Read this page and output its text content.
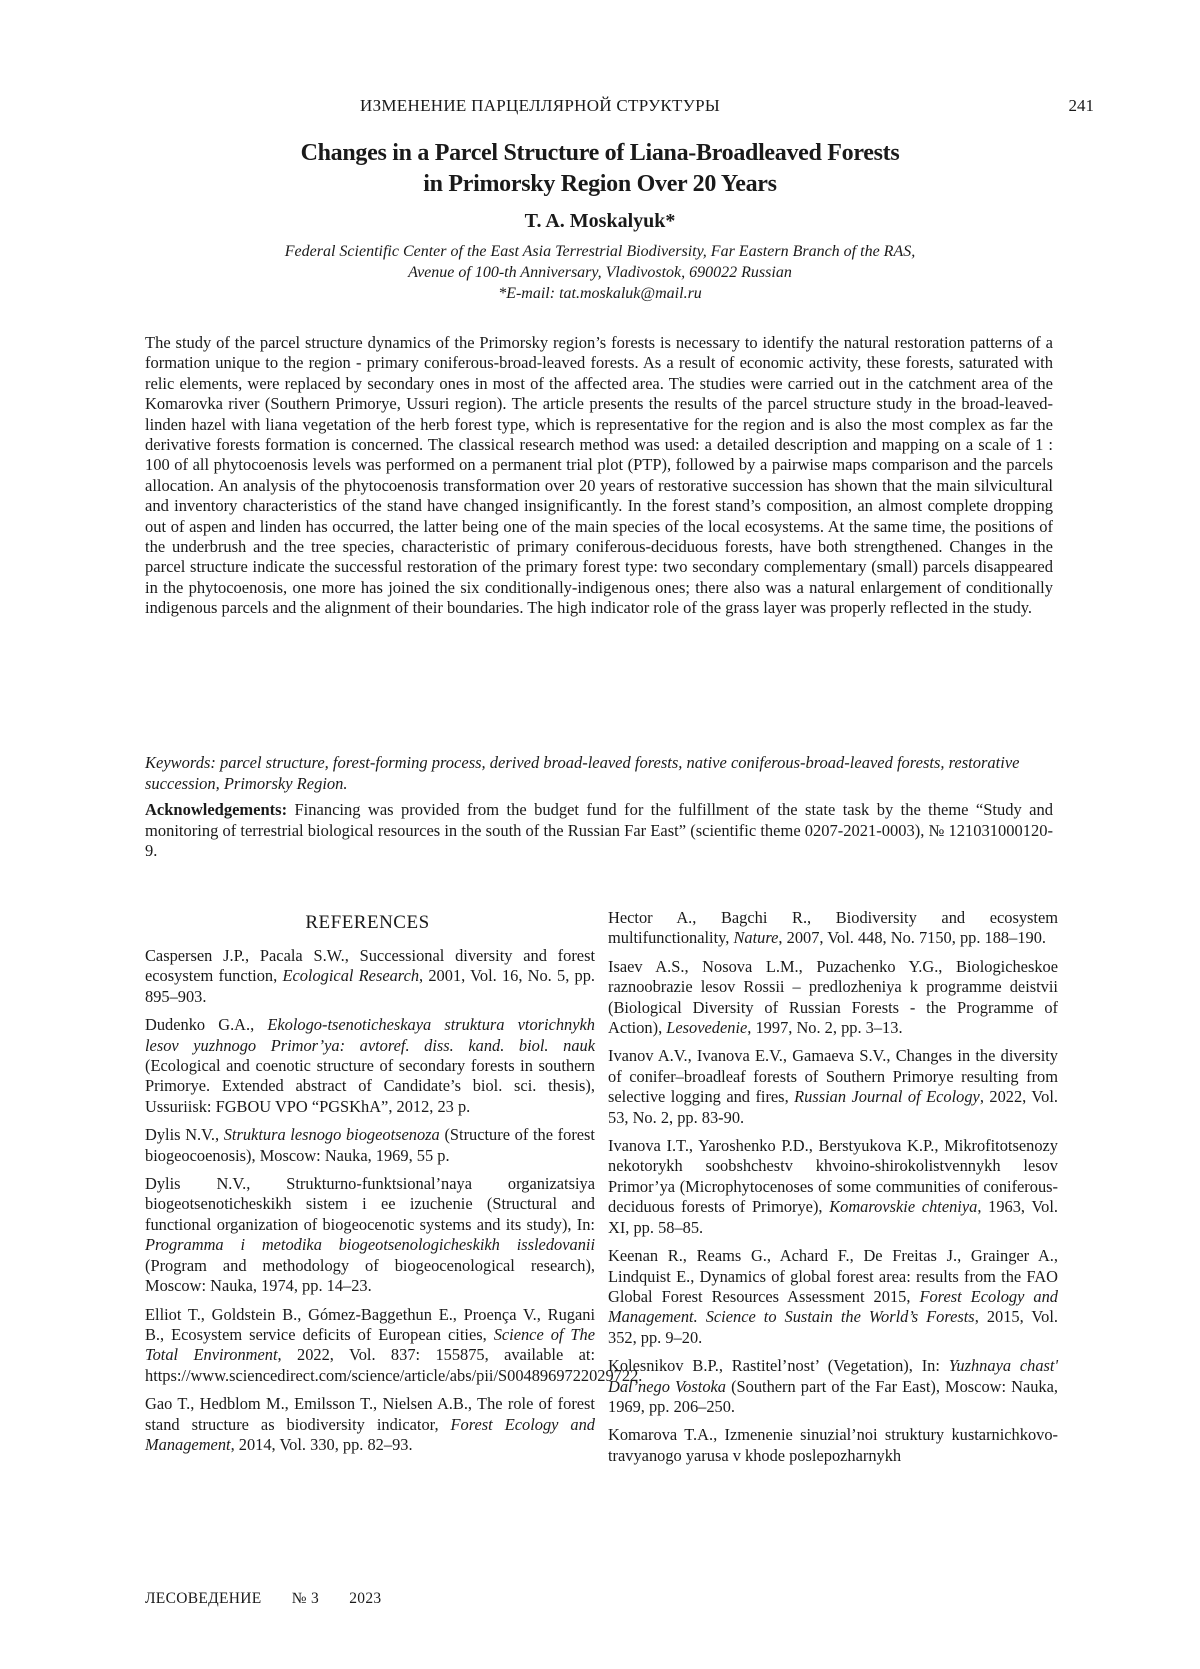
ИЗМЕНЕНИЕ ПАРЦЕЛЛЯРНОЙ СТРУКТУРЫ	241
Changes in a Parcel Structure of Liana-Broadleaved Forests
in Primorsky Region Over 20 Years
T. A. Moskalyuk*
Federal Scientific Center of the East Asia Terrestrial Biodiversity, Far Eastern Branch of the RAS,
Avenue of 100-th Anniversary, Vladivostok, 690022 Russian
*E-mail: tat.moskaluk@mail.ru

The study of the parcel structure dynamics of the Primorsky region’s forests is necessary to identify the natural restoration patterns of a formation unique to the region - primary coniferous-broad-leaved forests. As a result of economic activity, these forests, saturated with relic elements, were replaced by secondary ones in most of the affected area. The studies were carried out in the catchment area of the Komarovka river (Southern Primorye, Ussuri region). The article presents the results of the parcel structure study in the broad-leaved-linden hazel with liana vegetation of the herb forest type, which is representative for the region and is also the most complex as far the derivative forests formation is concerned. The classical research method was used: a detailed description and mapping on a scale of 1 : 100 of all phytocoenosis levels was performed on a permanent trial plot (PTP), followed by a pairwise maps comparison and the parcels allocation. An analysis of the phytocoenosis transformation over 20 years of restorative succession has shown that the main silvicultural and inventory characteristics of the stand have changed insignificantly. In the forest stand’s composition, an almost complete dropping out of aspen and linden has occurred, the latter being one of the main species of the local ecosystems. At the same time, the positions of the underbrush and the tree species, characteristic of primary coniferous-deciduous forests, have both strengthened. Changes in the parcel structure indicate the successful restoration of the primary forest type: two secondary complementary (small) parcels disappeared in the phytocoenosis, one more has joined the six conditionally-indigenous ones; there also was a natural enlargement of conditionally indigenous parcels and the alignment of their boundaries. The high indicator role of the grass layer was properly reflected in the study.

Keywords: parcel structure, forest-forming process, derived broad-leaved forests, native coniferous-broad-leaved forests, restorative succession, Primorsky Region.

Acknowledgements: Financing was provided from the budget fund for the fulfillment of the state task by the theme “Study and monitoring of terrestrial biological resources in the south of the Russian Far East” (scientific theme 0207-2021-0003), № 121031000120-9.

REFERENCES

Caspersen J.P., Pacala S.W., Successional diversity and forest ecosystem function, Ecological Research, 2001, Vol. 16, No. 5, pp. 895–903.

Dudenko G.A., Ekologo-tsenoticheskaya struktura vtorichnykh lesov yuzhnogo Primor’ya: avtoref. diss. kand. biol. nauk (Ecological and coenotic structure of secondary forests in southern Primorye. Extended abstract of Candidate’s biol. sci. thesis), Ussuriisk: FGBOU VPO “PGSKhA”, 2012, 23 p.

Dylis N.V., Struktura lesnogo biogeotsenoza (Structure of the forest biogeocoenosis), Moscow: Nauka, 1969, 55 p.

Dylis N.V., Strukturno-funktsional’naya organizatsiya biogeotsenoticheskikh sistem i ee izuchenie (Structural and functional organization of biogeocenotic systems and its study), In: Programma i metodika biogeotsenologicheskikh issledovanii (Program and methodology of biogeocenological research), Moscow: Nauka, 1974, pp. 14–23.

Elliot T., Goldstein B., Gómez-Baggethun E., Proença V., Rugani B., Ecosystem service deficits of European cities, Science of The Total Environment, 2022, Vol. 837: 155875, available at: https://www.sciencedirect.com/science/article/abs/pii/S0048969722029722.

Gao T., Hedblom M., Emilsson T., Nielsen A.B., The role of forest stand structure as biodiversity indicator, Forest Ecology and Management, 2014, Vol. 330, pp. 82–93.

Hector A., Bagchi R., Biodiversity and ecosystem multifunctionality, Nature, 2007, Vol. 448, No. 7150, pp. 188–190.

Isaev A.S., Nosova L.M., Puzachenko Y.G., Biologicheskoe raznoobrazie lesov Rossii – predlozheniya k programme deistvii (Biological Diversity of Russian Forests - the Programme of Action), Lesovedenie, 1997, No. 2, pp. 3–13.

Ivanov A.V., Ivanova E.V., Gamaeva S.V., Changes in the diversity of conifer–broadleaf forests of Southern Primorye resulting from selective logging and fires, Russian Journal of Ecology, 2022, Vol. 53, No. 2, pp. 83-90.

Ivanova I.T., Yaroshenko P.D., Berstyukova K.P., Mikrofitotsenozy nekotorykh soobshchestv khvoino-shirokolistvennykh lesov Primor’ya (Microphytocenoses of some communities of coniferous-deciduous forests of Primorye), Komarovskie chteniya, 1963, Vol. XI, pp. 58–85.

Keenan R., Reams G., Achard F., De Freitas J., Grainger A., Lindquist E., Dynamics of global forest area: results from the FAO Global Forest Resources Assessment 2015, Forest Ecology and Management. Science to Sustain the World’s Forests, 2015, Vol. 352, pp. 9–20.

Kolesnikov B.P., Rastitel’nost’ (Vegetation), In: Yuzhnaya chast' Dal’nego Vostoka (Southern part of the Far East), Moscow: Nauka, 1969, pp. 206–250.

Komarova T.A., Izmenenie sinuzial’noi struktury kustarnichkovo-travyanogo yarusa v khode poslepozharnykh

ЛЕСОВЕДЕНИЕ № 3 2023
